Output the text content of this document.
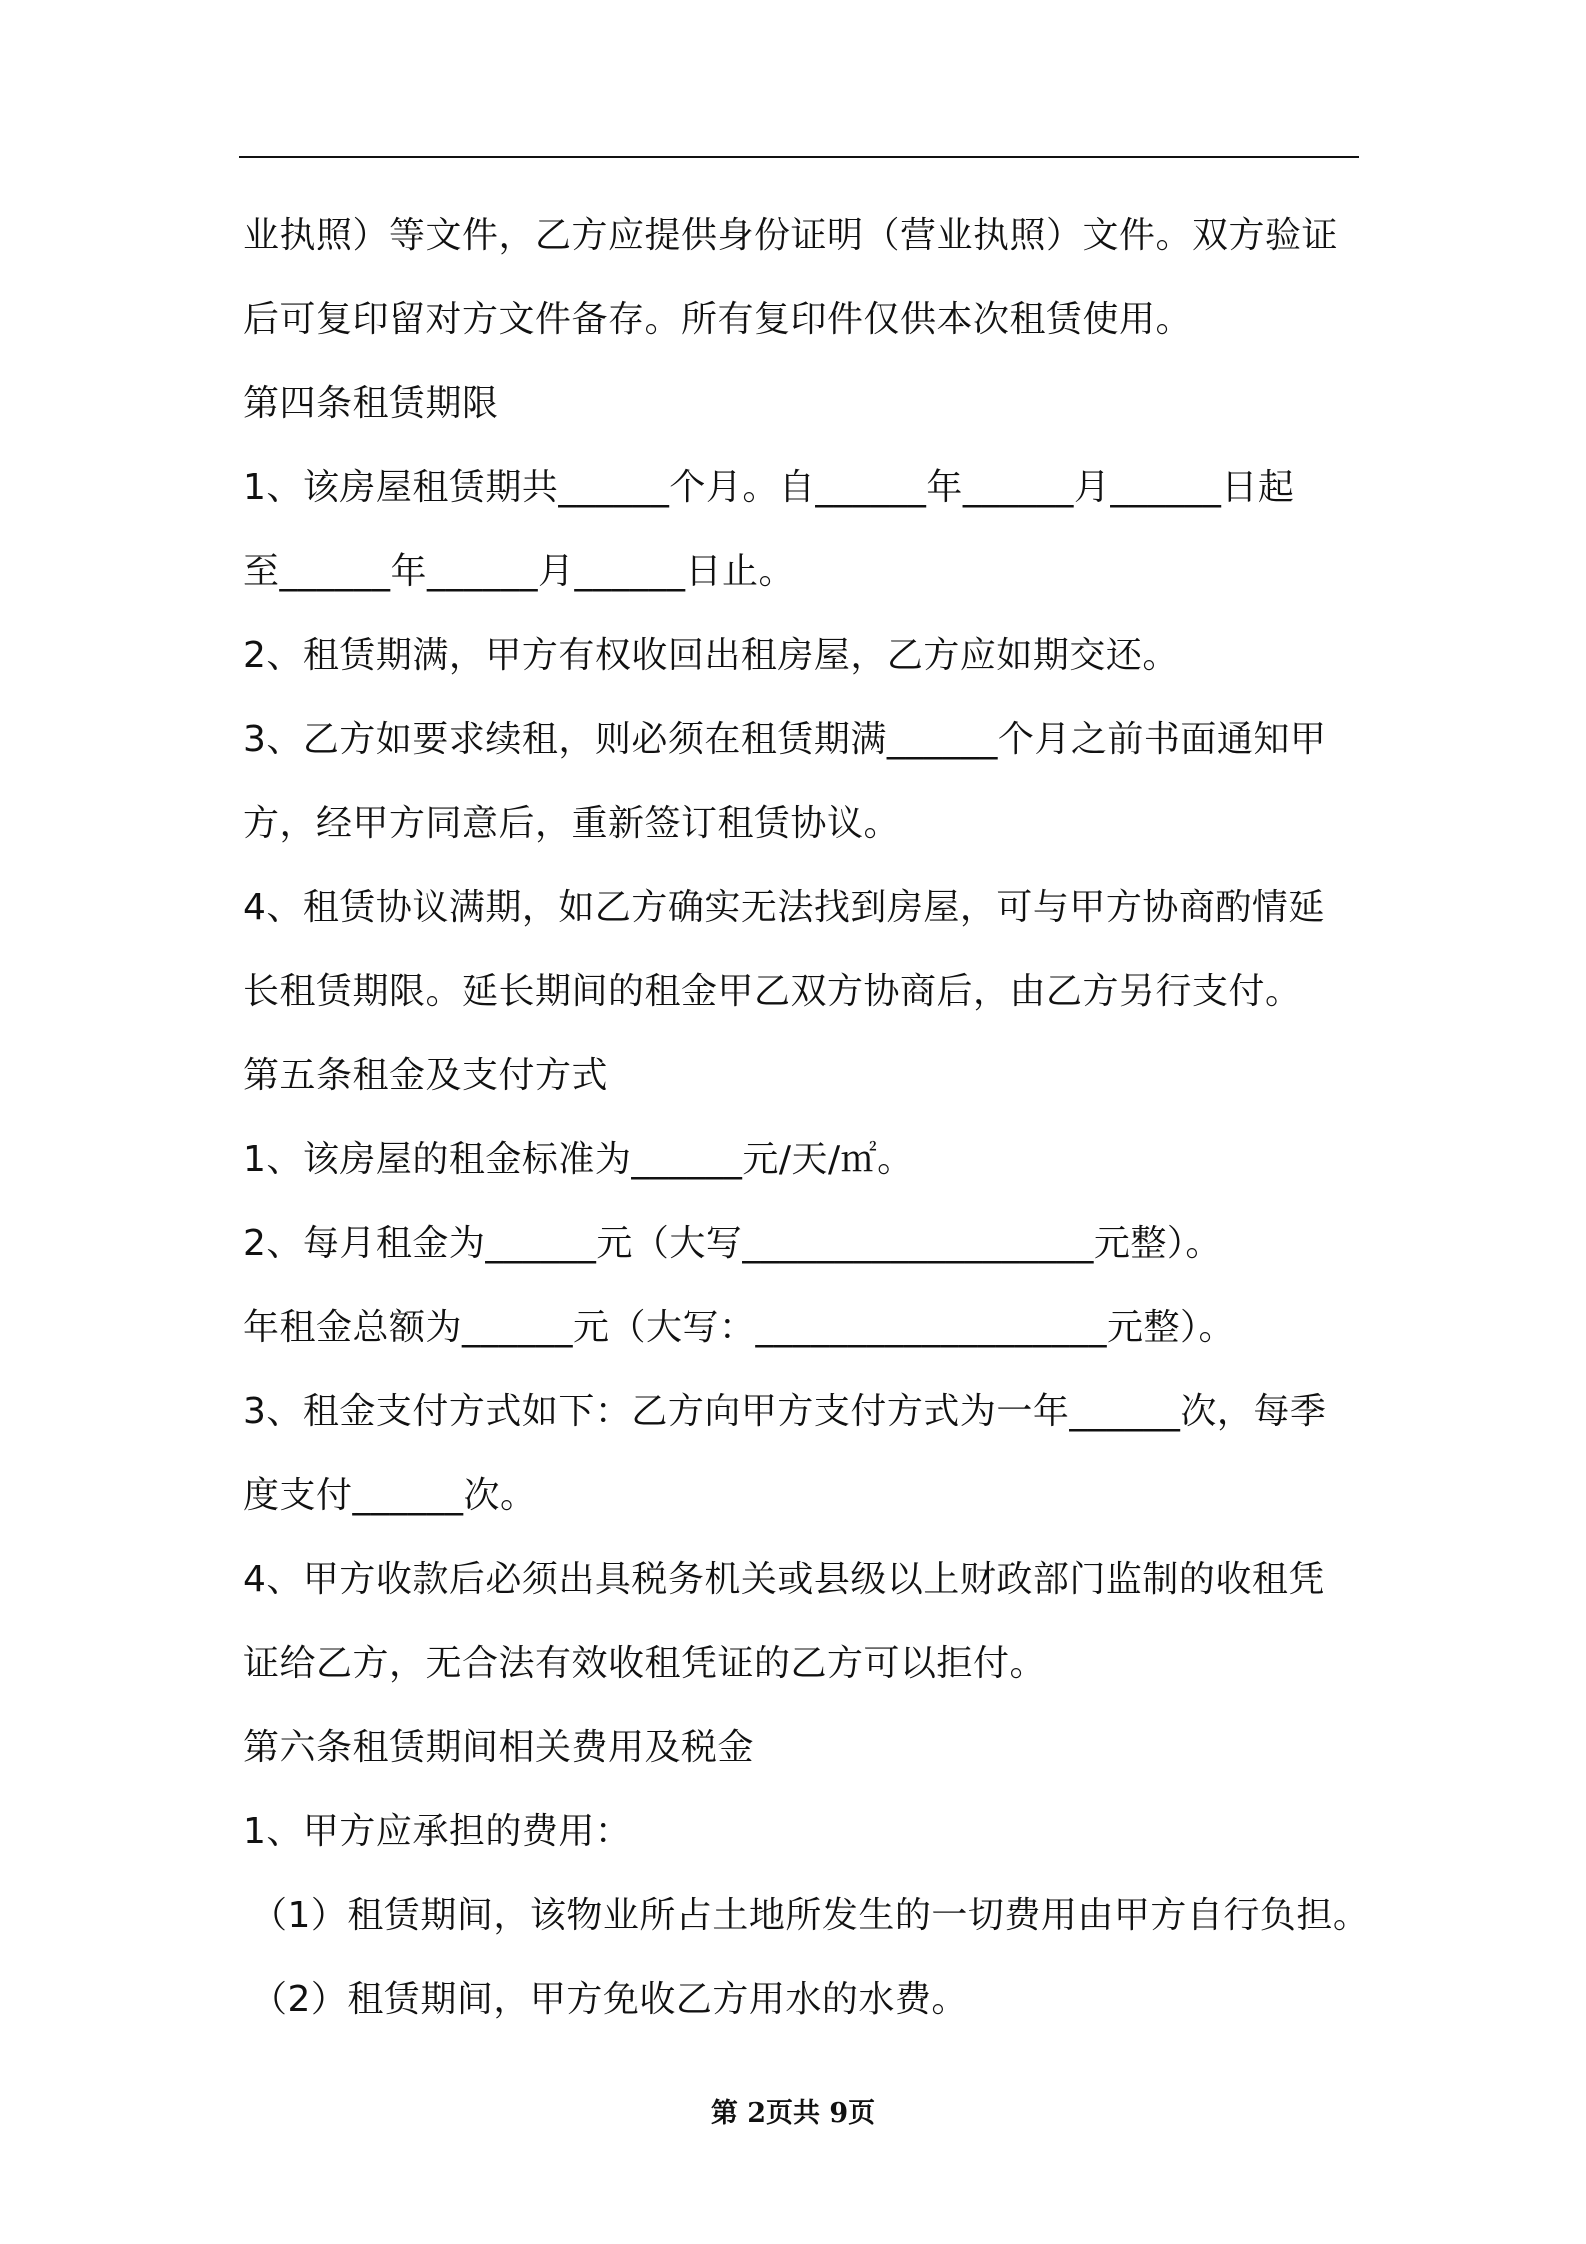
业执照）等文件，乙方应提供身份证明（营业执照）文件。双方验证
后可复印留对方文件备存。所有复印件仅供本次租赁使用。
第四条租赁期限
1、该房屋租赁期共______个月。自______年______月______日起
至______年______月______日止。
2、租赁期满，甲方有权收回出租房屋，乙方应如期交还。
3、乙方如要求续租，则必须在租赁期满______个月之前书面通知甲
方，经甲方同意后，重新签订租赁协议。
4、租赁协议满期，如乙方确实无法找到房屋，可与甲方协商酌情延
长租赁期限。延长期间的租金甲乙双方协商后，由乙方另行支付。
第五条租金及支付方式
1、该房屋的租金标准为______元/天/㎡。
2、每月租金为______元（大写___________________元整）。
年租金总额为______元（大写：___________________元整）。
3、租金支付方式如下：乙方向甲方支付方式为一年______次，每季
度支付______次。
4、甲方收款后必须出具税务机关或县级以上财政部门监制的收租凭
证给乙方，无合法有效收租凭证的乙方可以拒付。
第六条租赁期间相关费用及税金
1、甲方应承担的费用：
（1）租赁期间，该物业所占土地所发生的一切费用由甲方自行负担。
（2）租赁期间，甲方免收乙方用水的水费。
第 2页共 9页
